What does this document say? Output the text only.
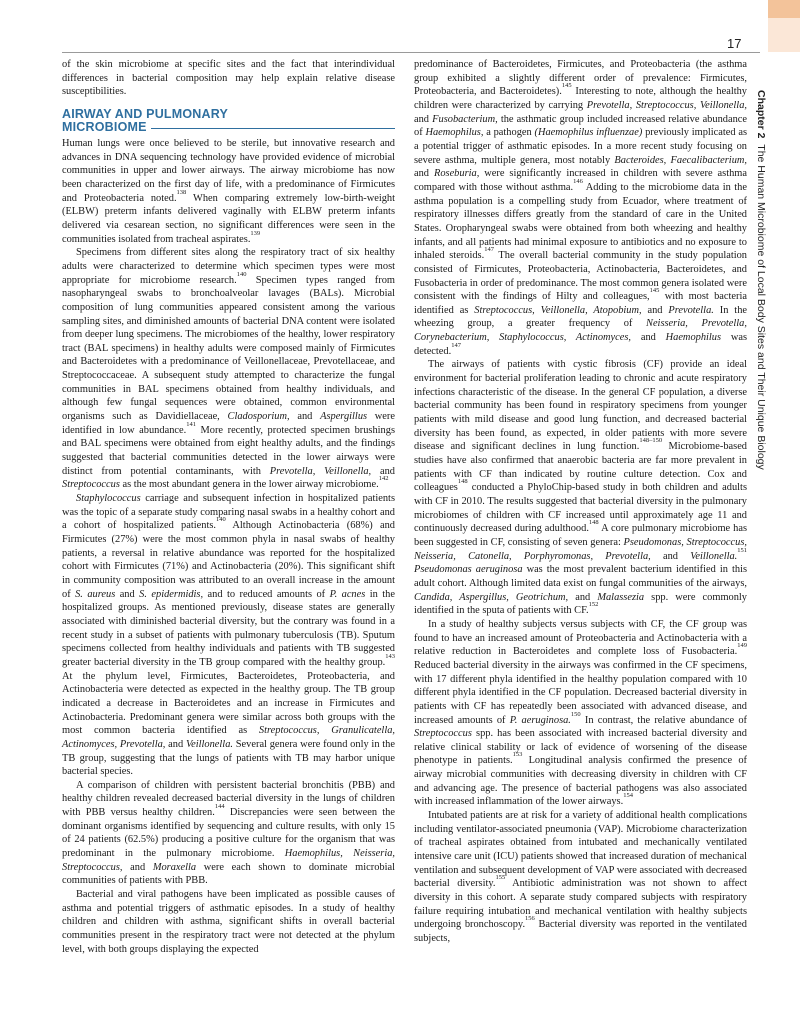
17
Chapter 2  The Human Microbiome of Local Body Sites and Their Unique Biology

of the skin microbiome at specific sites and the fact that interindividual differences in bacterial composition may help explain relative disease susceptibilities.

AIRWAY AND PULMONARY
MICROBIOME

Human lungs were once believed to be sterile, but innovative research and advances in DNA sequencing technology have provided evidence of microbial communities in upper and lower airways. The airway microbiome has now been characterized on the first day of life, with a predominance of Firmicutes and Proteobacteria noted.$^{138}$ When comparing extremely low-birth-weight (ELBW) preterm infants delivered vaginally with ELBW preterm infants delivered via cesarean section, no significant differences were seen in the communities isolated from tracheal aspirates.$^{139}$

Specimens from different sites along the respiratory tract of six healthy adults were characterized to determine which specimen types were most appropriate for microbiome research.$^{140}$ Specimen types ranged from nasopharyngeal swabs to bronchoalveolar lavages (BALs). Microbial composition of lung communities appeared consistent among the various sampling sites, and diminished amounts of bacterial DNA content were isolated from deeper lung specimens. The microbiomes of the healthy, lower respiratory tract (BAL specimens) in healthy adults were composed mainly of Firmicutes and Bacteroidetes with a predominance of Veillonellaceae, Prevotellaceae, and Streptococcaceae. A subsequent study attempted to characterize the fungal communities in BAL specimens obtained from healthy individuals, and although few fungal sequences were obtained, common environmental organisms such as Davidiellaceae, Cladosporium, and Aspergillus were identified in low abundance.$^{141}$ More recently, protected specimen brushings and BAL specimens were obtained from eight healthy adults, and the findings suggested that bacterial communities detected in the lower airways were distinct from potential contaminants, with Prevotella, Veillonella, and Streptococcus as the most abundant genera in the lower airway microbiome.$^{142}$

Staphylococcus carriage and subsequent infection in hospitalized patients was the topic of a separate study comparing nasal swabs in a healthy cohort and a cohort of hospitalized patients.$^{140}$ Although Actinobacteria (68%) and Firmicutes (27%) were the most common phyla in nasal swabs of healthy patients, a reversal in relative abundance was reported for the hospitalized cohort with Firmicutes (71%) and Actinobacteria (20%). This significant shift in community composition was attributed to an overall increase in the amount of S. aureus and S. epidermidis, and to reduced amounts of P. acnes in the hospitalized groups. As mentioned previously, disease states are generally associated with diminished bacterial diversity, but the contrary was found in a recent study in a subset of patients with pulmonary tuberculosis (TB). Sputum specimens collected from healthy individuals and patients with TB suggested greater bacterial diversity in the TB group compared with the healthy group.$^{143}$ At the phylum level, Firmicutes, Bacteroidetes, Proteobacteria, and Actinobacteria were detected as expected in the healthy group. The TB group indicated a decrease in Bacteroidetes and an increase in Firmicutes and Actinobacteria. Predominant genera were similar across both groups with the most common bacteria identified as Streptococcus, Granulicatella, Actinomyces, Prevotella, and Veillonella. Several genera were found only in the TB group, suggesting that the lungs of patients with TB may harbor unique bacterial species.

A comparison of children with persistent bacterial bronchitis (PBB) and healthy children revealed decreased bacterial diversity in the lungs of children with PBB versus healthy children.$^{144}$ Discrepancies were seen between the dominant organisms identified by sequencing and culture results, with only 15 of 24 patients (62.5%) producing a positive culture for the organism that was predominant in the pulmonary microbiome. Haemophilus, Neisseria, Streptococcus, and Moraxella were each shown to dominate microbial communities of patients with PBB.

Bacterial and viral pathogens have been implicated as possible causes of asthma and potential triggers of asthmatic episodes. In a study of healthy children and children with asthma, significant shifts in overall bacterial communities present in the respiratory tract were not detected at the phylum level, with both groups displaying the expected

predominance of Bacteroidetes, Firmicutes, and Proteobacteria (the asthma group exhibited a slightly different order of prevalence: Firmicutes, Proteobacteria, and Bacteroidetes).$^{145}$ Interesting to note, although the healthy children were characterized by carrying Prevotella, Streptococcus, Veillonella, and Fusobacterium, the asthmatic group included increased relative abundance of Haemophilus, a pathogen (Haemophilus influenzae) previously implicated as a potential trigger of asthmatic episodes. In a more recent study focusing on severe asthma, multiple genera, most notably Bacteroides, Faecalibacterium, and Roseburia, were significantly increased in children with severe asthma compared with those without asthma.$^{146}$ Adding to the microbiome data in the asthma population is a compelling study from Ecuador, where treatment of respiratory illnesses differs greatly from the standard of care in the United States. Oropharyngeal swabs were obtained from both wheezing and healthy infants, and all patients had minimal exposure to antibiotics and no exposure to inhaled steroids.$^{147}$ The overall bacterial community in the study population consisted of Firmicutes, Proteobacteria, Actinobacteria, Bacteroidetes, and Fusobacteria in order of predominance. The most common genera isolated were consistent with the findings of Hilty and colleagues,$^{145}$ with most bacteria identified as Streptococcus, Veillonella, Atopobium, and Prevotella. In the wheezing group, a greater frequency of Neisseria, Prevotella, Corynebacterium, Staphylococcus, Actinomyces, and Haemophilus was detected.$^{147}$

The airways of patients with cystic fibrosis (CF) provide an ideal environment for bacterial proliferation leading to chronic and acute respiratory infections characteristic of the disease. In the general CF population, a diverse bacterial community has been found in respiratory specimens from younger patients with mild disease and good lung function, and decreased bacterial diversity has been found, as expected, in older patients with more severe disease and significant declines in lung function.$^{148-150}$ Microbiome-based studies have also confirmed that anaerobic bacteria are far more prevalent in patients with CF than indicated by routine culture detection. Cox and colleagues$^{148}$ conducted a PhyloChip-based study in both children and adults with CF in 2010. The results suggested that bacterial diversity in the pulmonary microbiomes of children with CF increased until approximately age 11 and continuously decreased during adulthood.$^{148}$ A core pulmonary microbiome has been suggested in CF, consisting of seven genera: Pseudomonas, Streptococcus, Neisseria, Catonella, Porphyromonas, Prevotella, and Veillonella.$^{151}$ Pseudomonas aeruginosa was the most prevalent bacterium identified in this adult cohort. Although limited data exist on fungal communities of the airways, Candida, Aspergillus, Geotrichum, and Malassezia spp. were commonly identified in the sputa of patients with CF.$^{152}$

In a study of healthy subjects versus subjects with CF, the CF group was found to have an increased amount of Proteobacteria and Actinobacteria with a relative reduction in Bacteroidetes and complete loss of Fusobacteria.$^{149}$ Reduced bacterial diversity in the airways was confirmed in the CF specimens, with 17 different phyla identified in the healthy population compared with 10 different phyla identified in the CF population. Decreased bacterial diversity in patients with CF has repeatedly been associated with advanced disease, and increased amounts of P. aeruginosa.$^{150}$ In contrast, the relative abundance of Streptococcus spp. has been associated with increased bacterial diversity and relative clinical stability or lack of evidence of worsening of the disease phenotype in patients.$^{153}$ Longitudinal analysis confirmed the presence of airway microbial communities with decreasing diversity in children with CF and advancing age. The presence of bacterial pathogens was also associated with increased inflammation of the lower airways.$^{154}$

Intubated patients are at risk for a variety of additional health complications including ventilator-associated pneumonia (VAP). Microbiome characterization of tracheal aspirates obtained from intubated and mechanically ventilated intensive care unit (ICU) patients showed that increased duration of mechanical ventilation and subsequent development of VAP were associated with decreased bacterial diversity.$^{155}$ Antibiotic administration was not shown to affect diversity in this cohort. A separate study compared subjects with respiratory failure requiring intubation and mechanical ventilation with healthy subjects undergoing bronchoscopy.$^{156}$ Bacterial diversity was reported in the ventilated subjects,
